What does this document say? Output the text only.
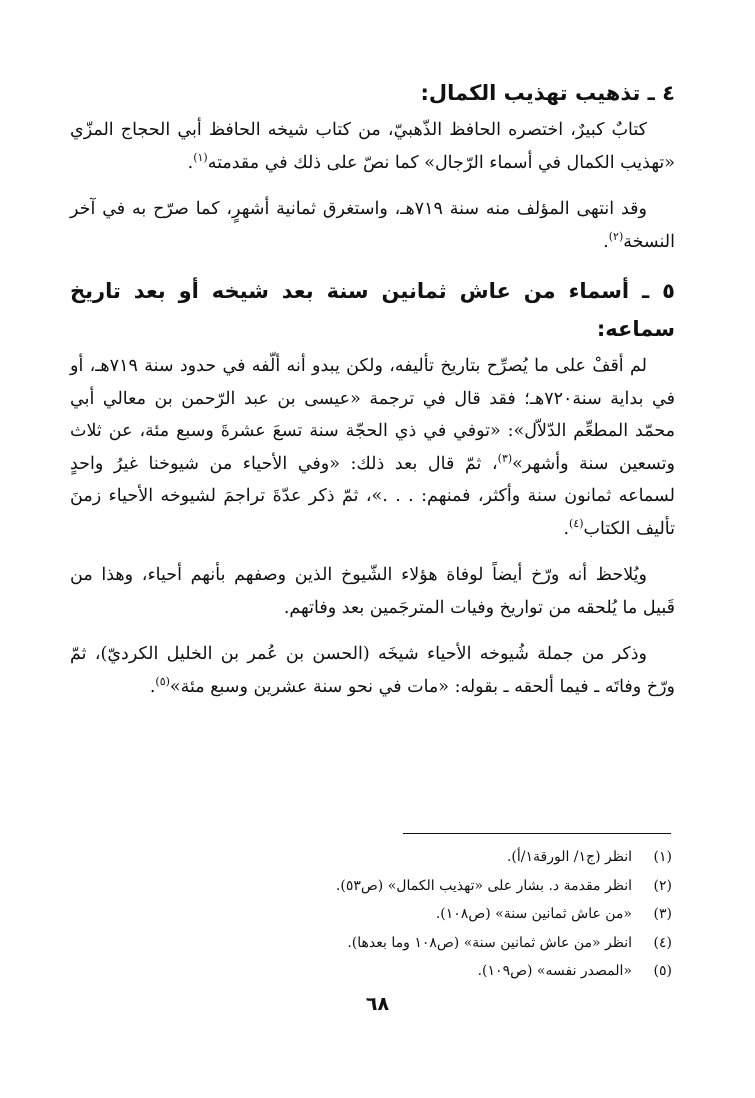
٤ ـ تذهيب تهذيب الكمال:

كتابٌ كبيرٌ، اختصره الحافظ الذّهبيّ، من كتاب شيخه الحافظ أبي الحجاج المزّي «تهذيب الكمال في أسماء الرّجال» كما نصّ على ذلك في مقدمته$^{(١)}$.

وقد انتهى المؤلف منه سنة ٧١٩هـ، واستغرق ثمانية أشهرٍ، كما صرّح به في آخر النسخة$^{(٢)}$.

٥ ـ أسماء من عاش ثمانين سنة بعد شيخه أو بعد تاريخ سماعه:

لم أقفْ على ما يُصرِّح بتاريخ تأليفه، ولكن يبدو أنه ألّفه في حدود سنة ٧١٩هـ، أو في بداية سنة٧٢٠هـ؛ فقد قال في ترجمة «عيسى بن عبد الرّحمن بن معالي أبي محمّد المطعِّم الدّلاّل»: «توفي في ذي الحجّة سنة تسعَ عشرةَ وسبع مئة، عن ثلاث وتسعين سنة وأشهر»$^{(٣)}$، ثمّ قال بعد ذلك: «وفي الأحياء من شيوخنا غيرُ واحدٍ لسماعه ثمانون سنة وأكثر، فمنهم: . . .»، ثمّ ذكر عدّةَ تراجمَ لشيوخه الأحياء زمنَ تأليف الكتاب$^{(٤)}$.

ويُلاحظ أنه ورّخ أيضاً لوفاة هؤلاء الشّيوخ الذين وصفهم بأنهم أحياء، وهذا من قَبيل ما يُلحقه من تواريخ وفيات المترجَمين بعد وفاتهم.

وذكر من جملة شُيوخه الأحياء شيخَه (الحسن بن عُمر بن الخليل الكرديّ)، ثمّ ورّخ وفاتَه ـ فيما ألحقه ـ بقوله: «مات في نحو سنة عشرين وسبع مئة»$^{(٥)}$.

(١)انظر (ج١/ الورقة١/أ).
(٢)انظر مقدمة د. بشار على «تهذيب الكمال» (ص٥٣).
(٣)«من عاش ثمانين سنة» (ص١٠٨).
(٤)انظر «من عاش ثمانين سنة» (ص١٠٨ وما بعدها).
(٥)«المصدر نفسه» (ص١٠٩).
٦٨
